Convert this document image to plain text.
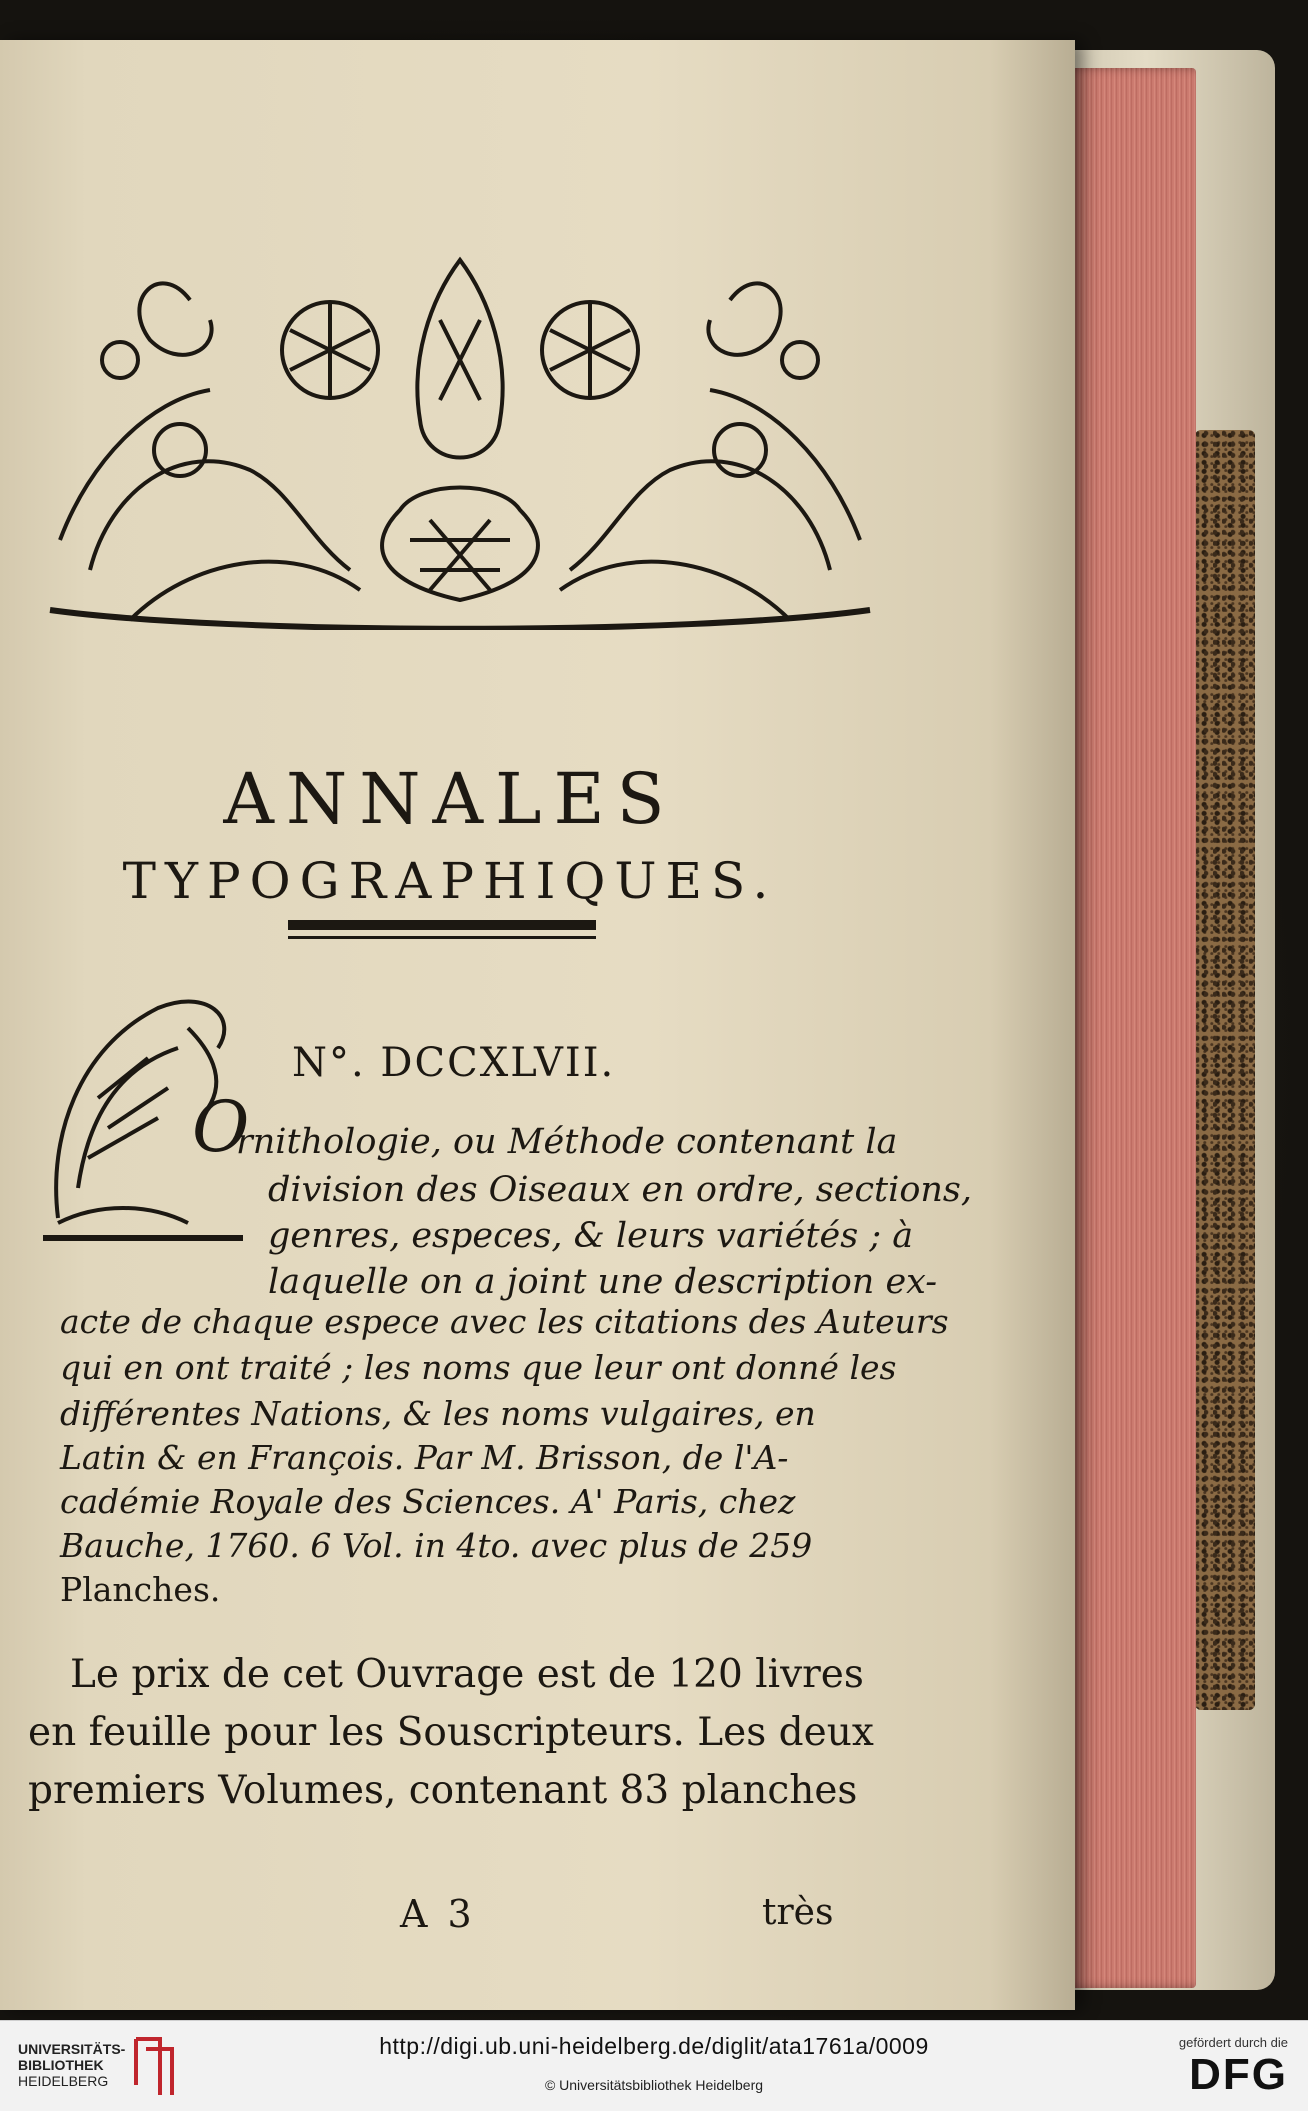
ANNALES
TYPOGRAPHIQUES.
O
N°. DCCXLVII.
rnithologie, ou Méthode contenant la
division des Oiseaux en ordre, sections,
genres, especes, & leurs variétés ; à
laquelle on a joint une description ex-
acte de chaque espece avec les citations des Auteurs
qui en ont traité ; les noms que leur ont donné les
différentes Nations, & les noms vulgaires, en
Latin & en François. Par M. Brisson, de l'A-
cadémie Royale des Sciences. A' Paris, chez
Bauche, 1760. 6 Vol. in 4to. avec plus de 259
Planches.
Le prix de cet Ouvrage est de 120 livres
en feuille pour les Souscripteurs. Les deux
premiers Volumes, contenant 83 planches
A 3	très
UNIVERSITÄTS-
BIBLIOTHEK
HEIDELBERG
http://digi.ub.uni-heidelberg.de/diglit/ata1761a/0009
© Universitätsbibliothek Heidelberg
gefördert durch die
DFG
